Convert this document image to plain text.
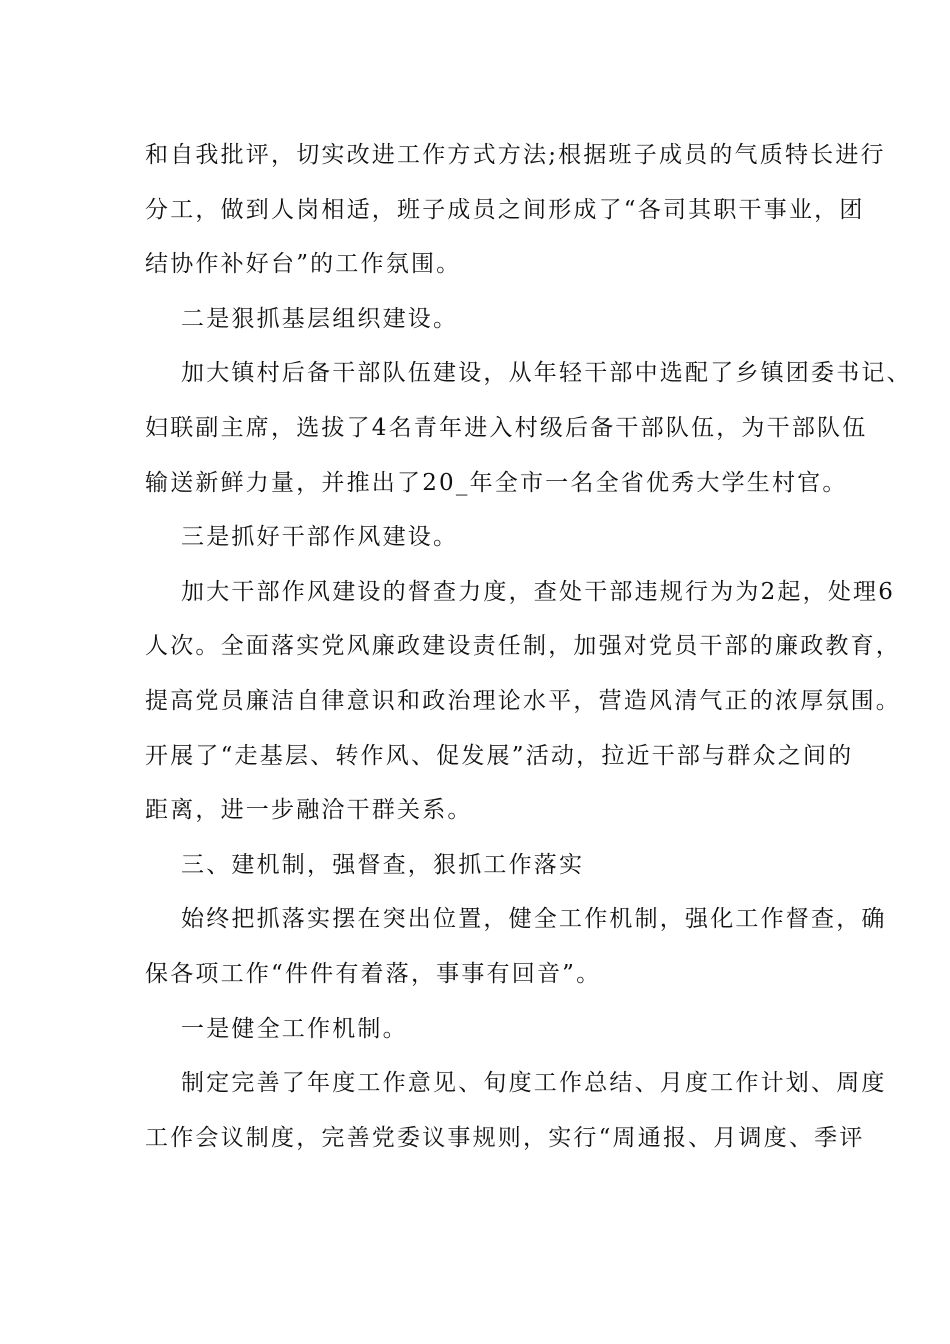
和自我批评，切实改进工作方式方法;根据班子成员的气质特长进行
分工，做到人岗相适，班子成员之间形成了“各司其职干事业，团
结协作补好台”的工作氛围。
二是狠抓基层组织建设。
加大镇村后备干部队伍建设，从年轻干部中选配了乡镇团委书记、
妇联副主席，选拔了4名青年进入村级后备干部队伍，为干部队伍
输送新鲜力量，并推出了20_年全市一名全省优秀大学生村官。
三是抓好干部作风建设。
加大干部作风建设的督查力度，查处干部违规行为为2起，处理6
人次。全面落实党风廉政建设责任制，加强对党员干部的廉政教育，
提高党员廉洁自律意识和政治理论水平，营造风清气正的浓厚氛围。
开展了“走基层、转作风、促发展”活动，拉近干部与群众之间的
距离，进一步融洽干群关系。
三、建机制，强督查，狠抓工作落实
始终把抓落实摆在突出位置，健全工作机制，强化工作督查，确
保各项工作“件件有着落，事事有回音”。
一是健全工作机制。
制定完善了年度工作意见、旬度工作总结、月度工作计划、周度
工作会议制度，完善党委议事规则，实行“周通报、月调度、季评
